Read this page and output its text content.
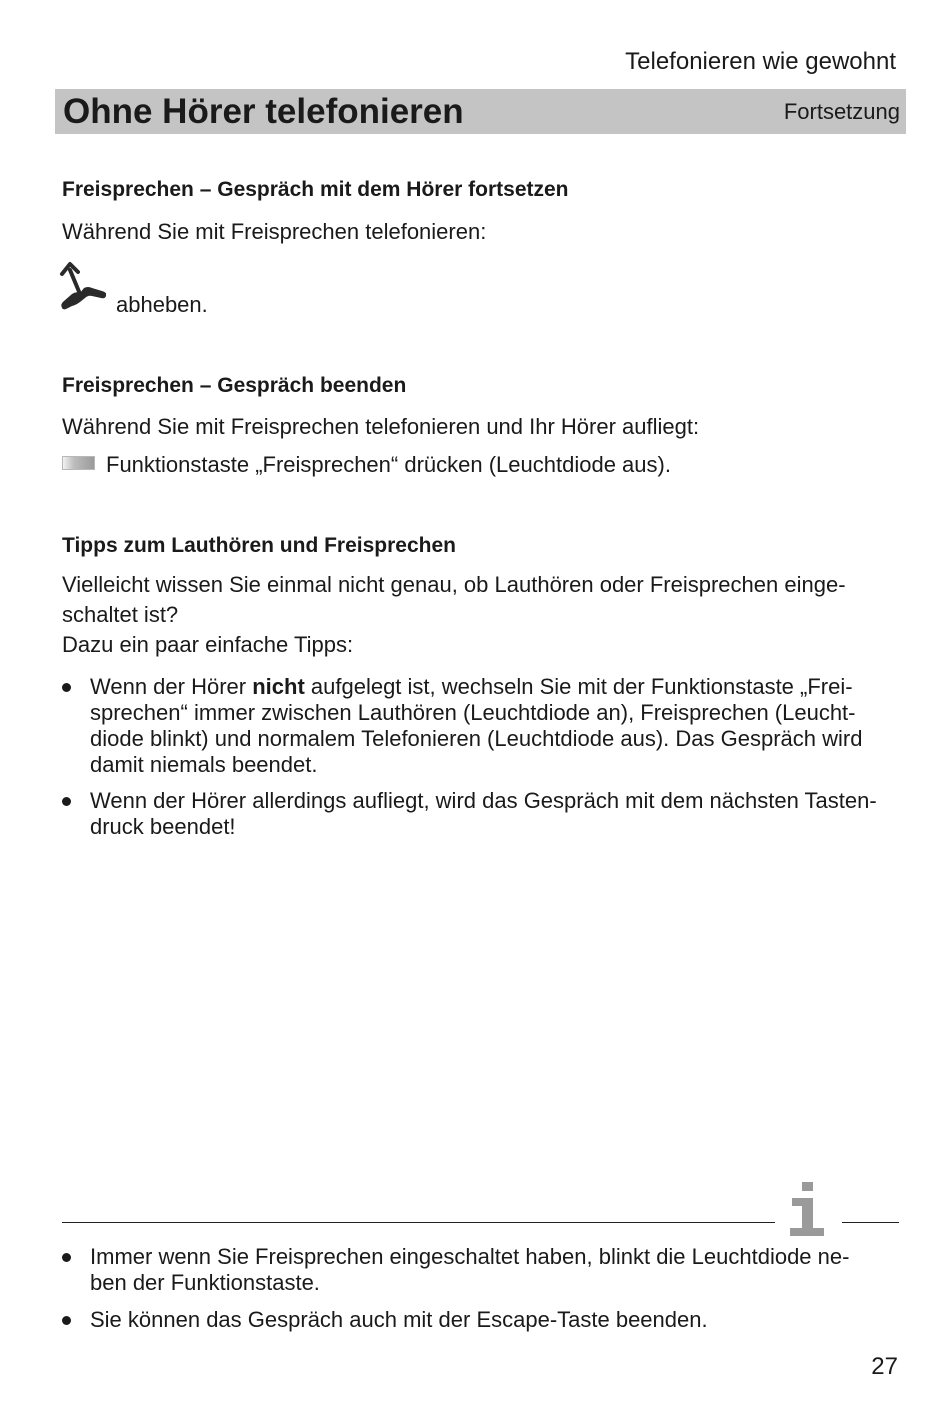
Telefonieren wie gewohnt
Ohne Hörer telefonieren	Fortsetzung
Freisprechen – Gespräch mit dem Hörer fortsetzen
Während Sie mit Freisprechen telefonieren:
abheben.
Freisprechen – Gespräch beenden
Während Sie mit Freisprechen telefonieren und Ihr Hörer aufliegt:
Funktionstaste „Freisprechen“ drücken (Leuchtdiode aus).
Tipps zum Lauthören und Freisprechen
Vielleicht wissen Sie einmal nicht genau, ob Lauthören oder Freisprechen einge-
schaltet ist?
Dazu ein paar einfache Tipps:
Wenn der Hörer nicht aufgelegt ist, wechseln Sie mit der Funktionstaste „Frei-
sprechen“ immer zwischen Lauthören (Leuchtdiode an), Freisprechen (Leucht-
diode blinkt) und normalem Telefonieren (Leuchtdiode aus). Das Gespräch wird
damit niemals beendet.
Wenn der Hörer allerdings aufliegt, wird das Gespräch mit dem nächsten Tasten-
druck beendet!
Immer wenn Sie Freisprechen eingeschaltet haben, blinkt die Leuchtdiode ne-
ben der Funktionstaste.
Sie können das Gespräch auch mit der Escape-Taste beenden.
27
